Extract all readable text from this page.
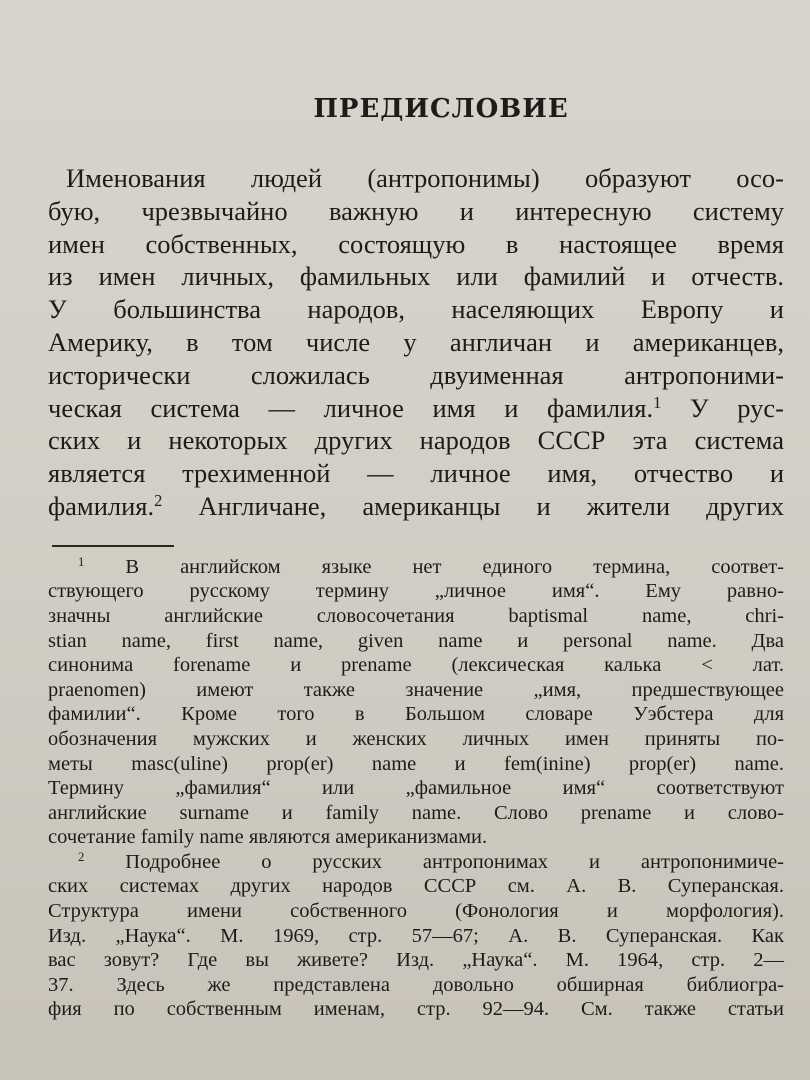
ПРЕДИСЛОВИЕ
Именования людей (антропонимы) образуют осо-
бую, чрезвычайно важную и интересную систему
имен собственных, состоящую в настоящее время
из имен личных, фамильных или фамилий и отчеств.
У большинства народов, населяющих Европу и
Америку, в том числе у англичан и американцев,
исторически сложилась двуименная антропоними-
ческая система — личное имя и фамилия.$^1$ У рус-
ских и некоторых других народов СССР эта система
является трехименной — личное имя, отчество и
фамилия.$^2$ Англичане, американцы и жители других
$^1$ В английском языке нет единого термина, соответ-
ствующего русскому термину „личное имя“. Ему равно-
значны английские словосочетания baptismal name, chri-
stian name, first name, given name и personal name. Два
синонима forename и prename (лексическая калька < лат.
praenomen) имеют также значение „имя, предшествующее
фамилии“. Кроме того в Большом словаре Уэбстера для
обозначения мужских и женских личных имен приняты по-
меты masc(uline) prop(er) name и fem(inine) prop(er) name.
Термину „фамилия“ или „фамильное имя“ соответствуют
английские surname и family name. Слово prename и слово-
сочетание family name являются американизмами.
$^2$ Подробнее о русских антропонимах и антропонимиче-
ских системах других народов СССР см. А. В. Суперанская.
Структура имени собственного (Фонология и морфология).
Изд. „Наука“. М. 1969, стр. 57—67; А. В. Суперанская. Как
вас зовут? Где вы живете? Изд. „Наука“. М. 1964, стр. 2—
37. Здесь же представлена довольно обширная библиогра-
фия по собственным именам, стр. 92—94. См. также статьи
